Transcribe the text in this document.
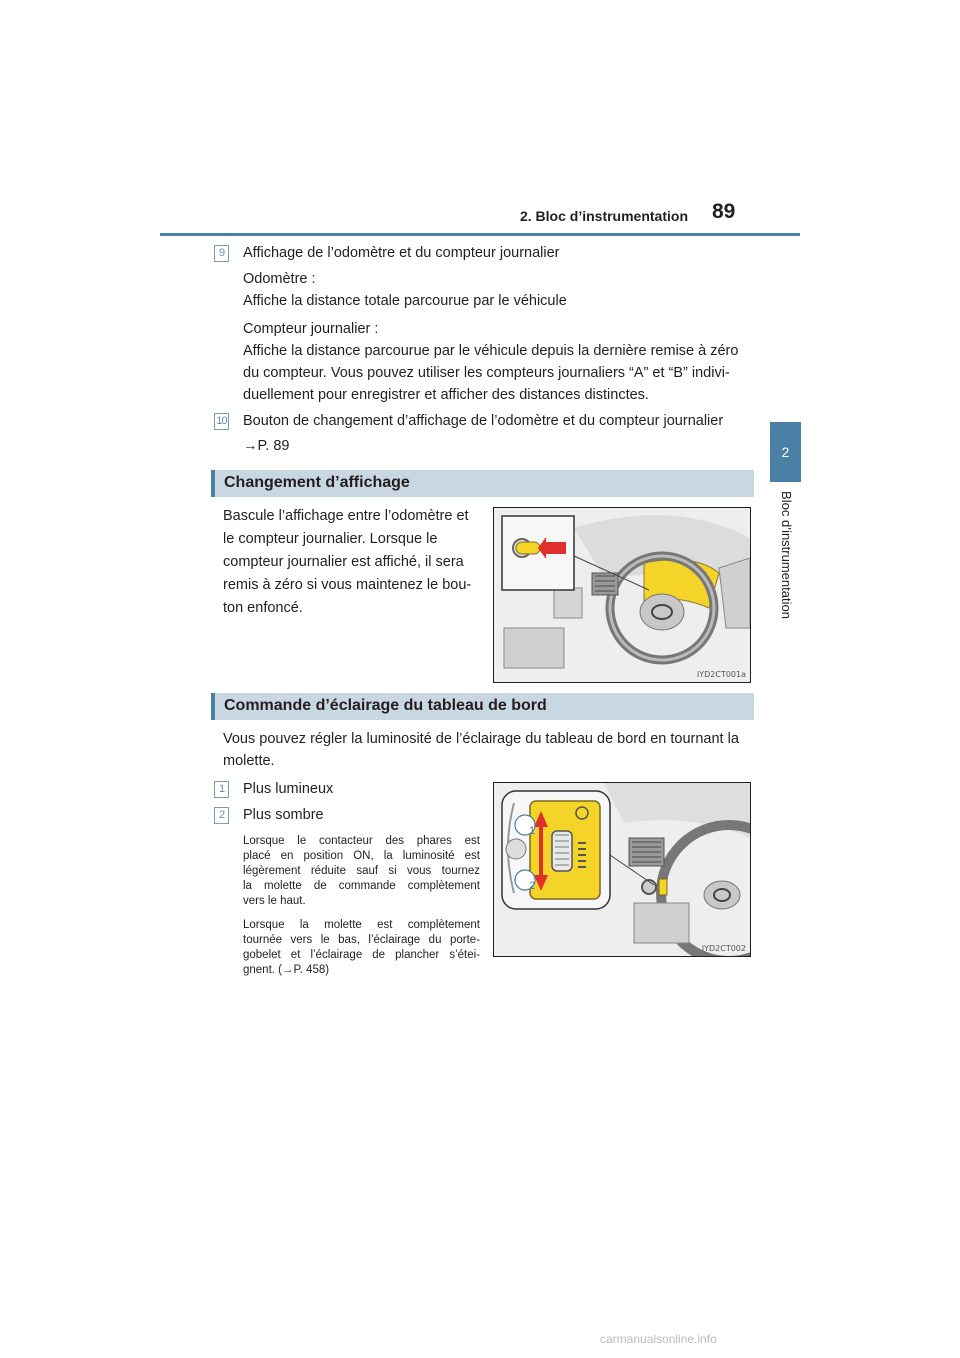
2. Bloc d’instrumentation 89
2
Bloc d’instrumentation
9	Affichage de l’odomètre et du compteur journalier
Odomètre :
Affiche la distance totale parcourue par le véhicule
Compteur journalier :
Affiche la distance parcourue par le véhicule depuis la dernière remise à zéro
du compteur. Vous pouvez utiliser les compteurs journaliers “A” et “B” indivi-
duellement pour enregistrer et afficher des distances distinctes.
10 Bouton de changement d’affichage de l’odomètre et du compteur journalier
→P. 89
Changement d’affichage
Bascule l’affichage entre l’odomètre et
le compteur journalier. Lorsque le
compteur journalier est affiché, il sera
remis à zéro si vous maintenez le bou-
ton enfoncé.
IYD2CT001a
Commande d’éclairage du tableau de bord
Vous pouvez régler la luminosité de l’éclairage du tableau de bord en tournant la
molette.
1	Plus lumineux
2	Plus sombre
Lorsque le contacteur des phares est
placé en position ON, la luminosité est
légèrement réduite sauf si vous tournez
la molette de commande complètement
vers le haut.
Lorsque la molette est complètement
tournée vers le bas, l’éclairage du porte-
gobelet et l’éclairage de plancher s’étei-
gnent. (→P. 458)
1
2
IYD2CT002
carmanualsonline.info
